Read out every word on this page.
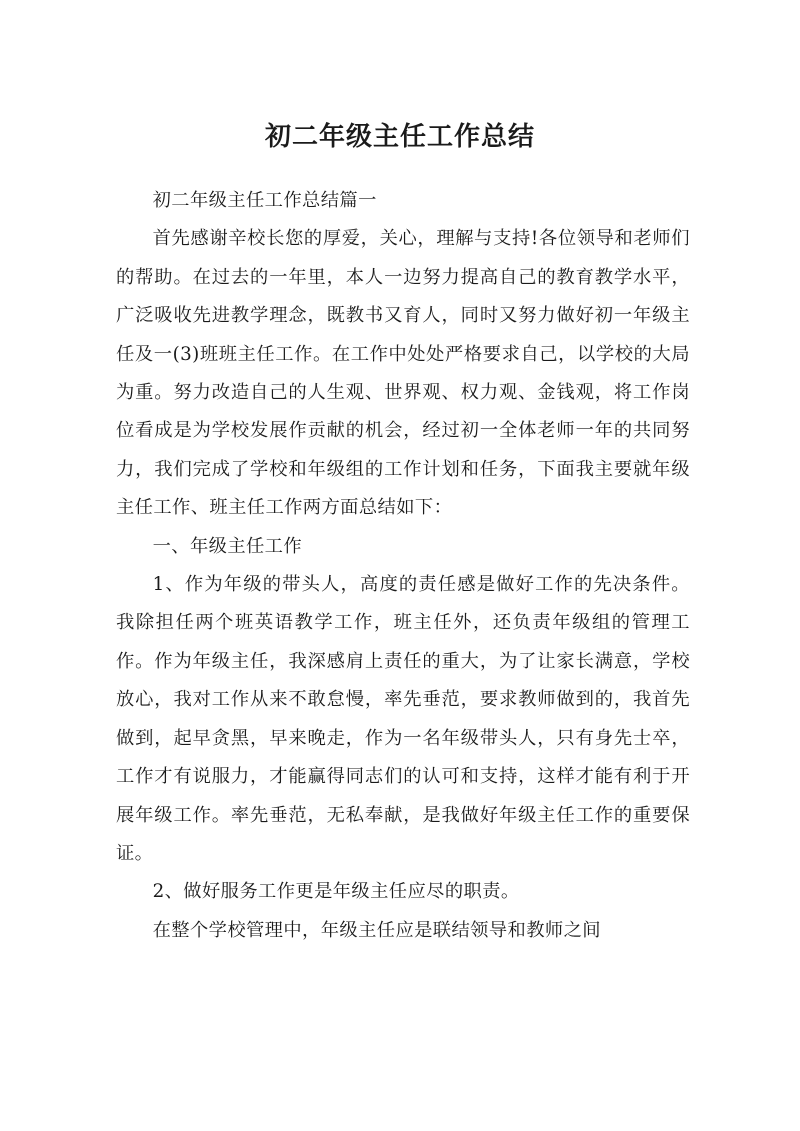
初二年级主任工作总结

初二年级主任工作总结篇一

首先感谢辛校长您的厚爱，关心，理解与支持!各位领导和老师们的帮助。在过去的一年里，本人一边努力提高自己的教育教学水平，广泛吸收先进教学理念，既教书又育人，同时又努力做好初一年级主任及一(3)班班主任工作。在工作中处处严格要求自己，以学校的大局为重。努力改造自己的人生观、世界观、权力观、金钱观，将工作岗位看成是为学校发展作贡献的机会，经过初一全体老师一年的共同努力，我们完成了学校和年级组的工作计划和任务，下面我主要就年级主任工作、班主任工作两方面总结如下：

一、年级主任工作

1、作为年级的带头人，高度的责任感是做好工作的先决条件。 我除担任两个班英语教学工作，班主任外，还负责年级组的管理工作。作为年级主任，我深感肩上责任的重大，为了让家长满意，学校放心，我对工作从来不敢怠慢，率先垂范，要求教师做到的，我首先做到，起早贪黑，早来晚走，作为一名年级带头人，只有身先士卒，工作才有说服力，才能赢得同志们的认可和支持，这样才能有利于开展年级工作。率先垂范，无私奉献，是我做好年级主任工作的重要保证。

2、做好服务工作更是年级主任应尽的职责。

在整个学校管理中，年级主任应是联结领导和教师之间
